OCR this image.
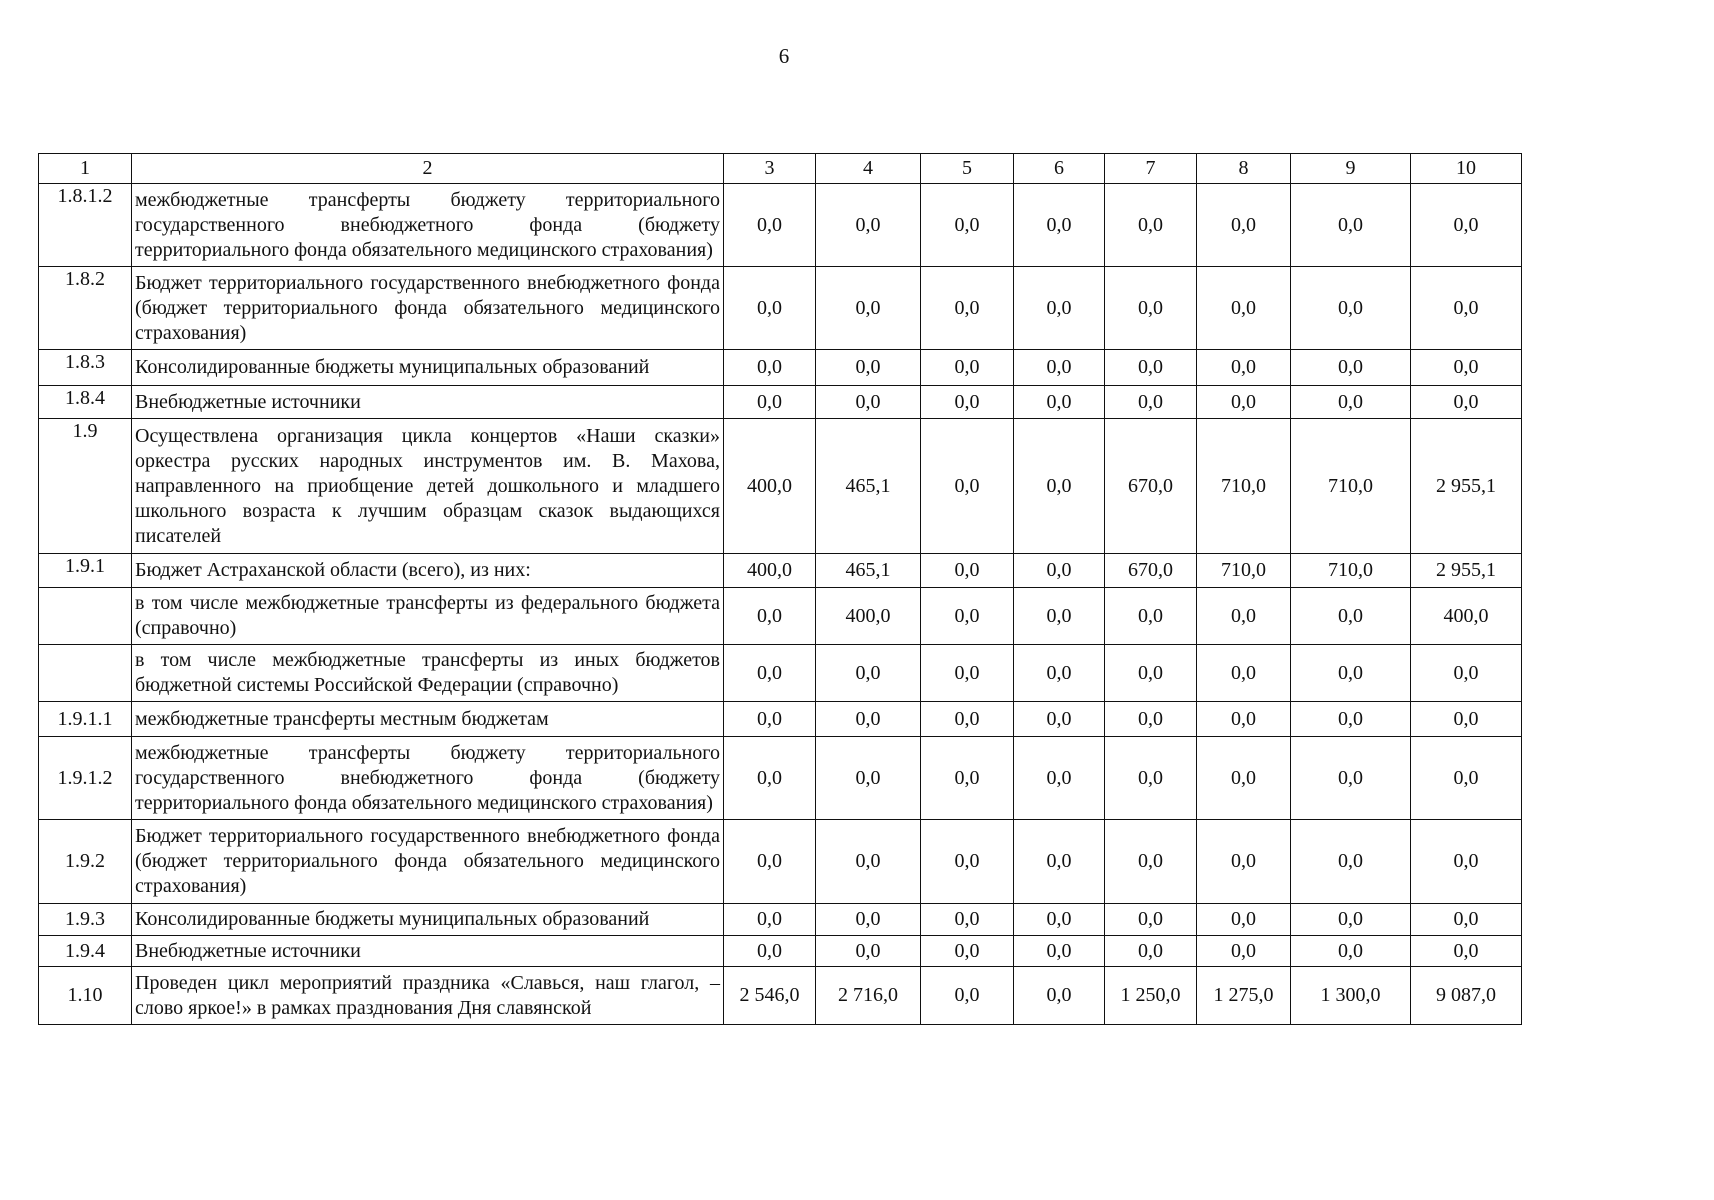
6
1	2	3	4	5	6	7	8	9	10
1.8.1.2	межбюджетные трансферты бюджету территориального государственного внебюджетного фонда (бюджету территориального фонда обязательного медицинского страхования)	0,0	0,0	0,0	0,0	0,0	0,0	0,0	0,0
1.8.2	Бюджет территориального государственного внебюджетного фонда (бюджет территориального фонда обязательного медицинского страхования)	0,0	0,0	0,0	0,0	0,0	0,0	0,0	0,0
1.8.3	Консолидированные бюджеты муниципальных образований	0,0	0,0	0,0	0,0	0,0	0,0	0,0	0,0
1.8.4	Внебюджетные источники	0,0	0,0	0,0	0,0	0,0	0,0	0,0	0,0
1.9	Осуществлена организация цикла концертов «Наши сказки» оркестра русских народных инструментов им. В. Махова, направленного на приобщение детей дошкольного и младшего школьного возраста к лучшим образцам сказок выдающихся писателей	400,0	465,1	0,0	0,0	670,0	710,0	710,0	2 955,1
1.9.1	Бюджет Астраханской области (всего), из них:	400,0	465,1	0,0	0,0	670,0	710,0	710,0	2 955,1
	в том числе межбюджетные трансферты из федерального бюджета (справочно)	0,0	400,0	0,0	0,0	0,0	0,0	0,0	400,0
	в том числе межбюджетные трансферты из иных бюджетов бюджетной системы Российской Федерации (справочно)	0,0	0,0	0,0	0,0	0,0	0,0	0,0	0,0
1.9.1.1	межбюджетные трансферты местным бюджетам	0,0	0,0	0,0	0,0	0,0	0,0	0,0	0,0
1.9.1.2	межбюджетные трансферты бюджету территориального государственного внебюджетного фонда (бюджету территориального фонда обязательного медицинского страхования)	0,0	0,0	0,0	0,0	0,0	0,0	0,0	0,0
1.9.2	Бюджет территориального государственного внебюджетного фонда (бюджет территориального фонда обязательного медицинского страхования)	0,0	0,0	0,0	0,0	0,0	0,0	0,0	0,0
1.9.3	Консолидированные бюджеты муниципальных образований	0,0	0,0	0,0	0,0	0,0	0,0	0,0	0,0
1.9.4	Внебюджетные источники	0,0	0,0	0,0	0,0	0,0	0,0	0,0	0,0
1.10	Проведен цикл мероприятий праздника «Славься, наш глагол, – слово яркое!» в рамках празднования Дня славянской	2 546,0	2 716,0	0,0	0,0	1 250,0	1 275,0	1 300,0	9 087,0
